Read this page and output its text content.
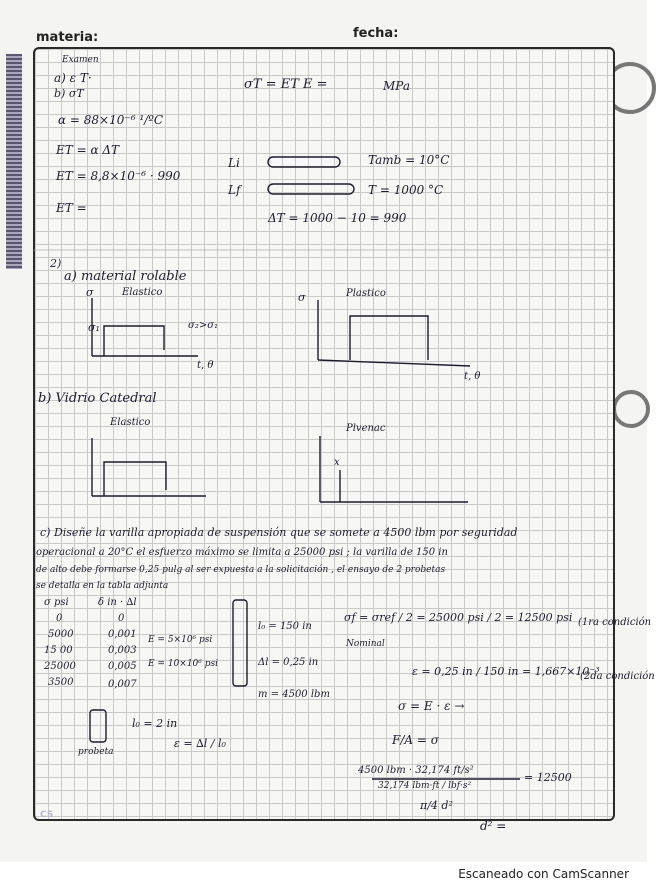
materia:	fecha:
Examen
a) ε T·
b) σT
α = 88×10⁻⁶ ¹/ºC
ET = α ΔT
ET = 8,8×10⁻⁶ · 990
ET =
σT = ET E =	MPa
Li
Lf
Tamb = 10°C
T = 1000 °C
ΔT = 1000 − 10 = 990
2)
a) material rolable
σ	Elastico	σ	Plastico
σ₁	σ₂>σ₁
t, θ
t, θ
b) Vidrio Catedral
Elastico
Plvenac
x
c) Diseñe la varilla apropiada de suspensión que se somete a 4500 lbm por seguridad
operacional a 20°C el esfuerzo máximo se limita a 25000 psi ; la varilla de 150 in
de alto debe formarse 0,25 pulg al ser expuesta a la solicitación , el ensayo de 2 probetas
se detalla en la tabla adjunta
σ psi	δ in · ∆l
0	0
5000	0,001
15 00	0,003
25000	0,005
3500	0,007
E = 5×10⁶ psi
E = 10×10⁶ psi
l₀ = 150 in
Δl = 0,25 in
m = 4500 lbm
l₀ = 2 in
ε = ∆l / l₀
probeta
σf = σref / 2 = 25000 psi / 2 = 12500 psi
Nominal
(1ra condición
ε = 0,25 in / 150 in = 1,667×10⁻³
(2da condición
σ = E · ε →
F/A = σ
4500 lbm · 32,174 ft/s²
32,174 lbm·ft / lbf·s²
= 12500
π/4 d²
d² =
CS
Escaneado con CamScanner
